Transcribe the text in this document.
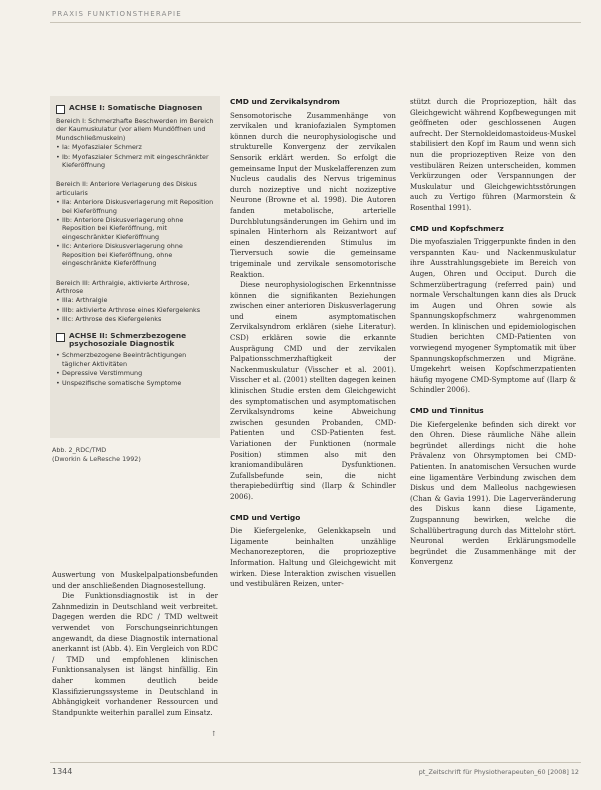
PRAXIS FUNKTIONSTHERAPIE
ACHSE I: Somatische Diagnosen
Bereich I: Schmerzhafte Beschwerden im Bereich der Kaumuskulatur (vor allem Mundöffnen und Mundschließmuskeln)
• Ia: Myofaszialer Schmerz
• Ib: Myofaszialer Schmerz mit eingeschränkter Kieferöffnung
Bereich II: Anteriore Verlagerung des Diskus articularis
• IIa: Anteriore Diskusverlagerung mit Reposition bei Kieferöffnung
• IIb: Anteriore Diskusverlagerung ohne Reposition bei Kieferöffnung, mit eingeschränkter Kieferöffnung
• IIc: Anteriore Diskusverlagerung ohne Reposition bei Kieferöffnung, ohne eingeschränkte Kieferöffnung
Bereich III: Arthralgie, aktivierte Arthrose, Arthrose
• IIIa: Arthralgie
• IIIb: aktivierte Arthrose eines Kiefergelenks
• IIIc: Arthrose des Kiefergelenks
ACHSE II: Schmerzbezogene psychosoziale Diagnostik
• Schmerzbezogene Beeinträchtigungen täglicher Aktivitäten
• Depressive Verstimmung
• Unspezifische somatische Symptome
Abb. 2_RDC/TMD
(Dworkin & LeResche 1992)

Auswertung von Muskelpalpationsbefunden und der anschließenden Diagnosestellung.

Die Funktionsdiagnostik ist in der Zahnmedizin in Deutschland weit verbreitet. Dagegen werden die RDC / TMD weltweit verwendet von Forschungseinrichtungen angewandt, da diese Diagnostik international anerkannt ist (Abb. 4). Ein Vergleich von RDC / TMD und empfohlenen klinischen Funktionsanalysen ist längst hinfällig. Ein daher kommen deutlich beide Klassifizierungssysteme in Deutschland in Abhängigkeit vorhandener Ressourcen und Standpunkte weiterhin parallel zum Einsatz.

CMD und Zervikalsyndrom

Sensomotorische Zusammenhänge von zervikalen und kraniofazialen Symptomen können durch die neurophysiologische und strukturelle Konvergenz der zervikalen Sensorik erklärt werden. So erfolgt die gemeinsame Input der Muskelafferenzen zum Nucleus caudalis des Nervus trigeminus durch nozizeptive und nicht nozizeptive Neurone (Browne et al. 1998). Die Autoren fanden metabolische, arterielle Durchblutungsänderungen im Gehirn und im spinalen Hinterhorn als Reizantwort auf einen deszendierenden Stimulus im Tierversuch sowie die gemeinsame trigeminale und zervikale sensomotorische Reaktion.

Diese neurophysiologischen Erkenntnisse können die signifikanten Beziehungen zwischen einer anterioren Diskusverlagerung und einem asymptomatischen Zervikalsyndrom erklären (siehe Literatur). CSD) erklären sowie die erkannte Ausprägung CMD und der zervikalen Palpationsschmerzhaftigkeit der Nackenmuskulatur (Visscher et al. 2001). Visscher et al. (2001) stellten dagegen keinen klinischen Studie ersten dem Gleichgewicht des symptomatischen und asymptomatischen Zervikalsyndroms keine Abweichung zwischen gesunden Probanden, CMD-Patienten und CSD-Patienten fest. Variationen der Funktionen (normale Position) stimmen also mit den kraniomandibulären Dysfunktionen. Zufallsbefunde sein, die nicht therapiebedürftig sind (Ilarp & Schindler 2006).

CMD und Vertigo

Die Kiefergelenke, Gelenkkapseln und Ligamente beinhalten unzählige Mechanorezeptoren, die propriozeptive Information. Haltung und Gleichgewicht mit wirken. Diese Interaktion zwischen visuellen und vestibulären Reizen, unter-

stützt durch die Propriozeption, hält das Gleichgewicht während Kopfbewegungen mit geöffneten oder geschlossenen Augen aufrecht. Der Sternokleidomastoideus-Muskel stabilisiert den Kopf im Raum und wenn sich nun die propriozeptiven Reize von den vestibulären Reizen unterscheiden, kommen Verkürzungen oder Verspannungen der Muskulatur und Gleichgewichtsstörungen auch zu Vertigo führen (Marmorstein & Rosenthal 1991).

CMD und Kopfschmerz

Die myofaszialen Triggerpunkte finden in den verspannten Kau- und Nackenmuskulatur ihre Ausstrahlungsgebiete im Bereich von Augen, Ohren und Occiput. Durch die Schmerzübertragung (referred pain) und normale Verschaltungen kann dies als Druck im Augen und Ohren sowie als Spannungskopfschmerz wahrgenommen werden. In klinischen und epidemiologischen Studien berichten CMD-Patienten von vorwiegend myogener Symptomatik mit über Spannungskopfschmerzen und Migräne. Umgekehrt weisen Kopfschmerzpatienten häufig myogene CMD-Symptome auf (Ilarp & Schindler 2006).

CMD und Tinnitus

Die Kiefergelenke befinden sich direkt vor den Ohren. Diese räumliche Nähe allein begründet allerdings nicht die hohe Prävalenz von Ohrsymptomen bei CMD-Patienten. In anatomischen Versuchen wurde eine ligamentäre Verbindung zwischen dem Diskus und dem Malleolus nachgewiesen (Chan & Gavia 1991). Die Lagerveränderung des Diskus kann diese Ligamente, Zugspannung bewirken, welche die Schallübertragung durch das Mittelohr stört. Neuronal werden Erklärungsmodelle begründet die Zusammenhänge mit der Konvergenz

↑
1344	pt_Zeitschrift für Physiotherapeuten_60 [2008] 12
